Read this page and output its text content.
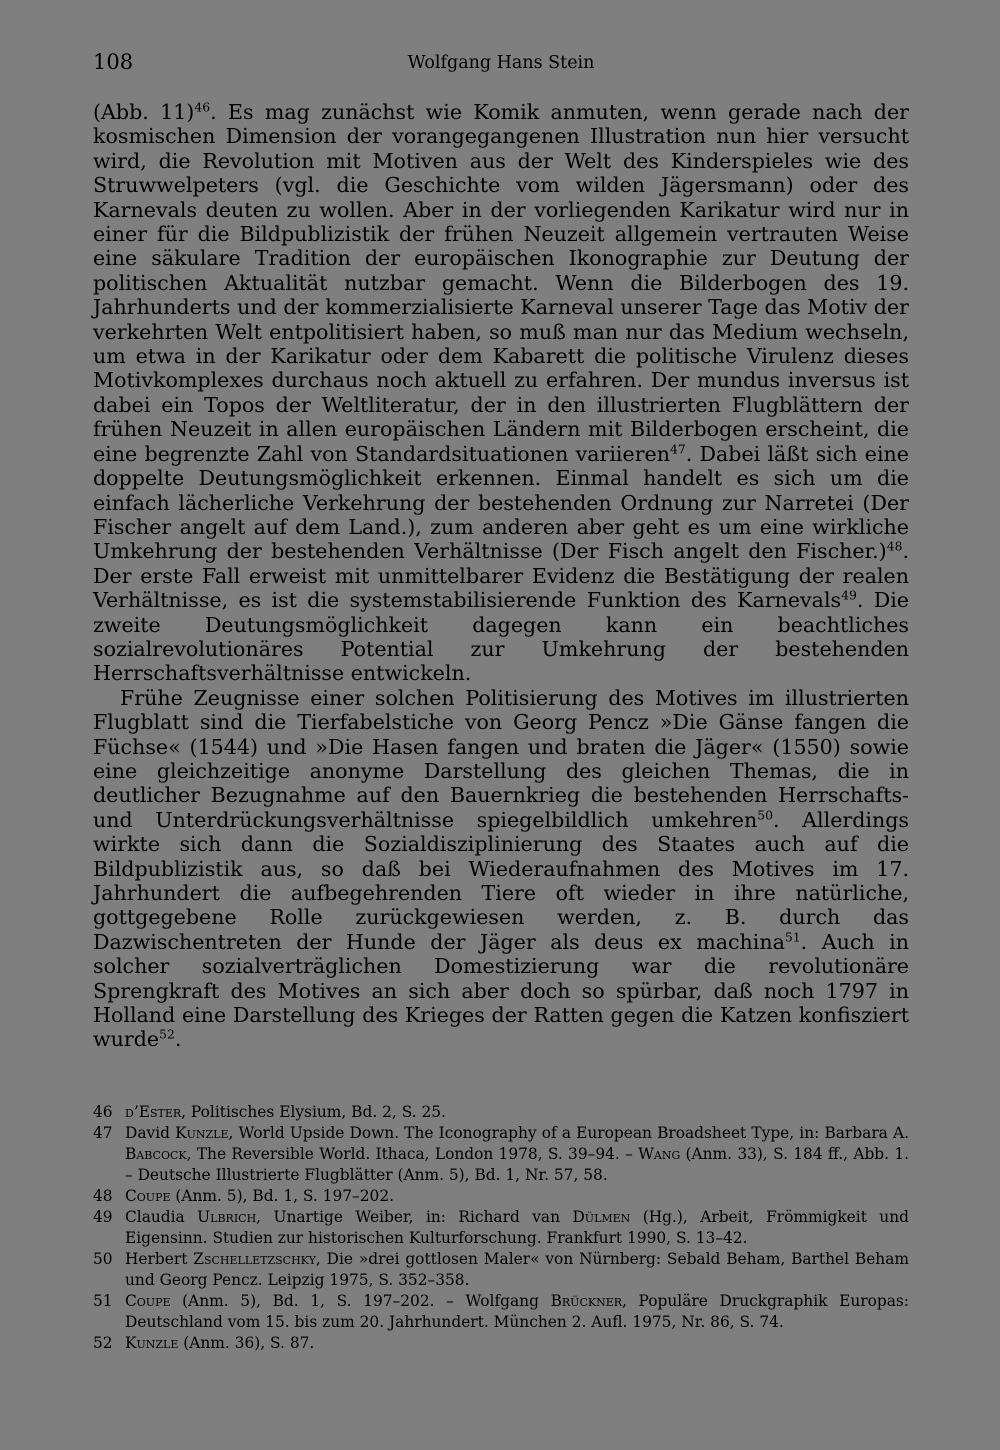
108	Wolfgang Hans Stein

(Abb. 11)$^{46}$. Es mag zunächst wie Komik anmuten, wenn gerade nach der kosmischen Dimension der vorangegangenen Illustration nun hier versucht wird, die Revolution mit Motiven aus der Welt des Kinderspieles wie des Struwwelpeters (vgl. die Geschichte vom wilden Jägersmann) oder des Karnevals deuten zu wollen. Aber in der vorliegenden Karikatur wird nur in einer für die Bildpublizistik der frühen Neuzeit allgemein vertrauten Weise eine säkulare Tradition der europäischen Ikonographie zur Deutung der politischen Aktualität nutzbar gemacht. Wenn die Bilderbogen des 19. Jahrhunderts und der kommerzialisierte Karneval unserer Tage das Motiv der verkehrten Welt entpolitisiert haben, so muß man nur das Medium wechseln, um etwa in der Karikatur oder dem Kabarett die politische Virulenz dieses Motivkomplexes durchaus noch aktuell zu erfahren. Der mundus inversus ist dabei ein Topos der Weltliteratur, der in den illustrierten Flugblättern der frühen Neuzeit in allen europäischen Ländern mit Bilderbogen erscheint, die eine begrenzte Zahl von Standardsituationen variieren$^{47}$. Dabei läßt sich eine doppelte Deutungsmöglichkeit erkennen. Einmal handelt es sich um die einfach lächerliche Verkehrung der bestehenden Ordnung zur Narretei (Der Fischer angelt auf dem Land.), zum anderen aber geht es um eine wirkliche Umkehrung der bestehenden Verhältnisse (Der Fisch angelt den Fischer.)$^{48}$. Der erste Fall erweist mit unmittelbarer Evidenz die Bestätigung der realen Verhältnisse, es ist die systemstabilisierende Funktion des Karnevals$^{49}$. Die zweite Deutungsmöglichkeit dagegen kann ein beachtliches sozialrevolutionäres Potential zur Umkehrung der bestehenden Herrschaftsverhältnisse entwickeln.

Frühe Zeugnisse einer solchen Politisierung des Motives im illustrierten Flugblatt sind die Tierfabelstiche von Georg Pencz »Die Gänse fangen die Füchse« (1544) und »Die Hasen fangen und braten die Jäger« (1550) sowie eine gleichzeitige anonyme Darstellung des gleichen Themas, die in deutlicher Bezugnahme auf den Bauernkrieg die bestehenden Herrschafts- und Unterdrückungsverhältnisse spiegelbildlich umkehren$^{50}$. Allerdings wirkte sich dann die Sozialdisziplinierung des Staates auch auf die Bildpublizistik aus, so daß bei Wiederaufnahmen des Motives im 17. Jahrhundert die aufbegehrenden Tiere oft wieder in ihre natürliche, gottgegebene Rolle zurückgewiesen werden, z. B. durch das Dazwischentreten der Hunde der Jäger als deus ex machina$^{51}$. Auch in solcher sozialverträglichen Domestizierung war die revolutionäre Sprengkraft des Motives an sich aber doch so spürbar, daß noch 1797 in Holland eine Darstellung des Krieges der Ratten gegen die Katzen konfisziert wurde$^{52}$.

46 d’Ester, Politisches Elysium, Bd. 2, S. 25.
47 David Kunzle, World Upside Down. The Iconography of a European Broadsheet Type, in: Barbara A. Babcock, The Reversible World. Ithaca, London 1978, S. 39–94. – Wang (Anm. 33), S. 184 ff., Abb. 1. – Deutsche Illustrierte Flugblätter (Anm. 5), Bd. 1, Nr. 57, 58.
48 Coupe (Anm. 5), Bd. 1, S. 197–202.
49 Claudia Ulbrich, Unartige Weiber, in: Richard van Dülmen (Hg.), Arbeit, Frömmigkeit und Eigensinn. Studien zur historischen Kulturforschung. Frankfurt 1990, S. 13–42.
50 Herbert Zschelletzschky, Die »drei gottlosen Maler« von Nürnberg: Sebald Beham, Barthel Beham und Georg Pencz. Leipzig 1975, S. 352–358.
51 Coupe (Anm. 5), Bd. 1, S. 197–202. – Wolfgang Brückner, Populäre Druckgraphik Europas: Deutschland vom 15. bis zum 20. Jahrhundert. München 2. Aufl. 1975, Nr. 86, S. 74.
52 Kunzle (Anm. 36), S. 87.
